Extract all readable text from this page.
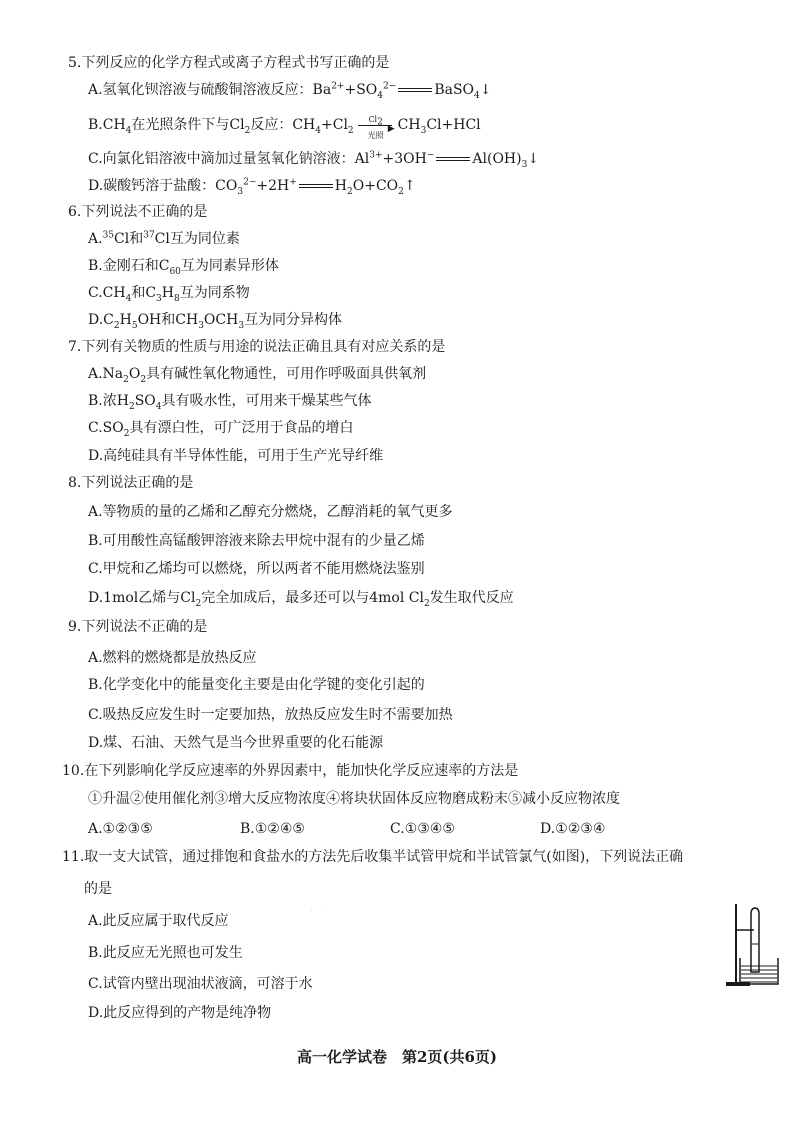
5.下列反应的化学方程式或离子方程式书写正确的是
A.氢氧化钡溶液与硫酸铜溶液反应：$Ba^{2+}+SO_4^{2-}$	BaSO$_4$↓
$B.CH_4$在光照条件下与$Cl_2$反应：$CH_4+Cl_2$
$Cl_2$
▶
光照
$CH_3Cl+HCl$
C.向氯化铝溶液中滴加过量氢氧化钠溶液：$Al^{3+}+3OH^-$	$Al(OH)_3↓$
D.碳酸钙溶于盐酸：$CO_3^{2-}+2H^+$	$H_2O+CO_2↑$
6.下列说法不正确的是
A.$^{35}$Cl和$^{37}$Cl互为同位素
B.金刚石和$C_{60}$互为同素异形体
$C.CH_4$和$C_3H_8$互为同系物
$D.C_2H_5OH$和$CH_3OCH_3$互为同分异构体
7.下列有关物质的性质与用途的说法正确且具有对应关系的是
$A.Na_2O_2$具有碱性氧化物通性，可用作呼吸面具供氧剂
B.浓$H_2SO_4$具有吸水性，可用来干燥某些气体
$C.SO_2$具有漂白性，可广泛用于食品的增白
D.高纯硅具有半导体性能，可用于生产光导纤维
8.下列说法正确的是
A.等物质的量的乙烯和乙醇充分燃烧，乙醇消耗的氧气更多
B.可用酸性高锰酸钾溶液来除去甲烷中混有的少量乙烯
C.甲烷和乙烯均可以燃烧，所以两者不能用燃烧法鉴别
D.1mol乙烯与$Cl_2$完全加成后，最多还可以与4mol $Cl_2$发生取代反应
9.下列说法不正确的是
A.燃料的燃烧都是放热反应
B.化学变化中的能量变化主要是由化学键的变化引起的
C.吸热反应发生时一定要加热，放热反应发生时不需要加热
D.煤、石油、天然气是当今世界重要的化石能源
10.在下列影响化学反应速率的外界因素中，能加快化学反应速率的方法是
①升温②使用催化剂③增大反应物浓度④将块状固体反应物磨成粉末⑤减小反应物浓度
A.①②③⑤	B.①②④⑤	C.①③④⑤	D.①②③④
11.取一支大试管，通过排饱和食盐水的方法先后收集半试管甲烷和半试管氯气(如图)，下列说法正确
的是
A.此反应属于取代反应
B.此反应无光照也可发生
C.试管内壁出现油状液滴，可溶于水
D.此反应得到的产物是纯净物
· ·
高一化学试卷　第2页(共6页)
